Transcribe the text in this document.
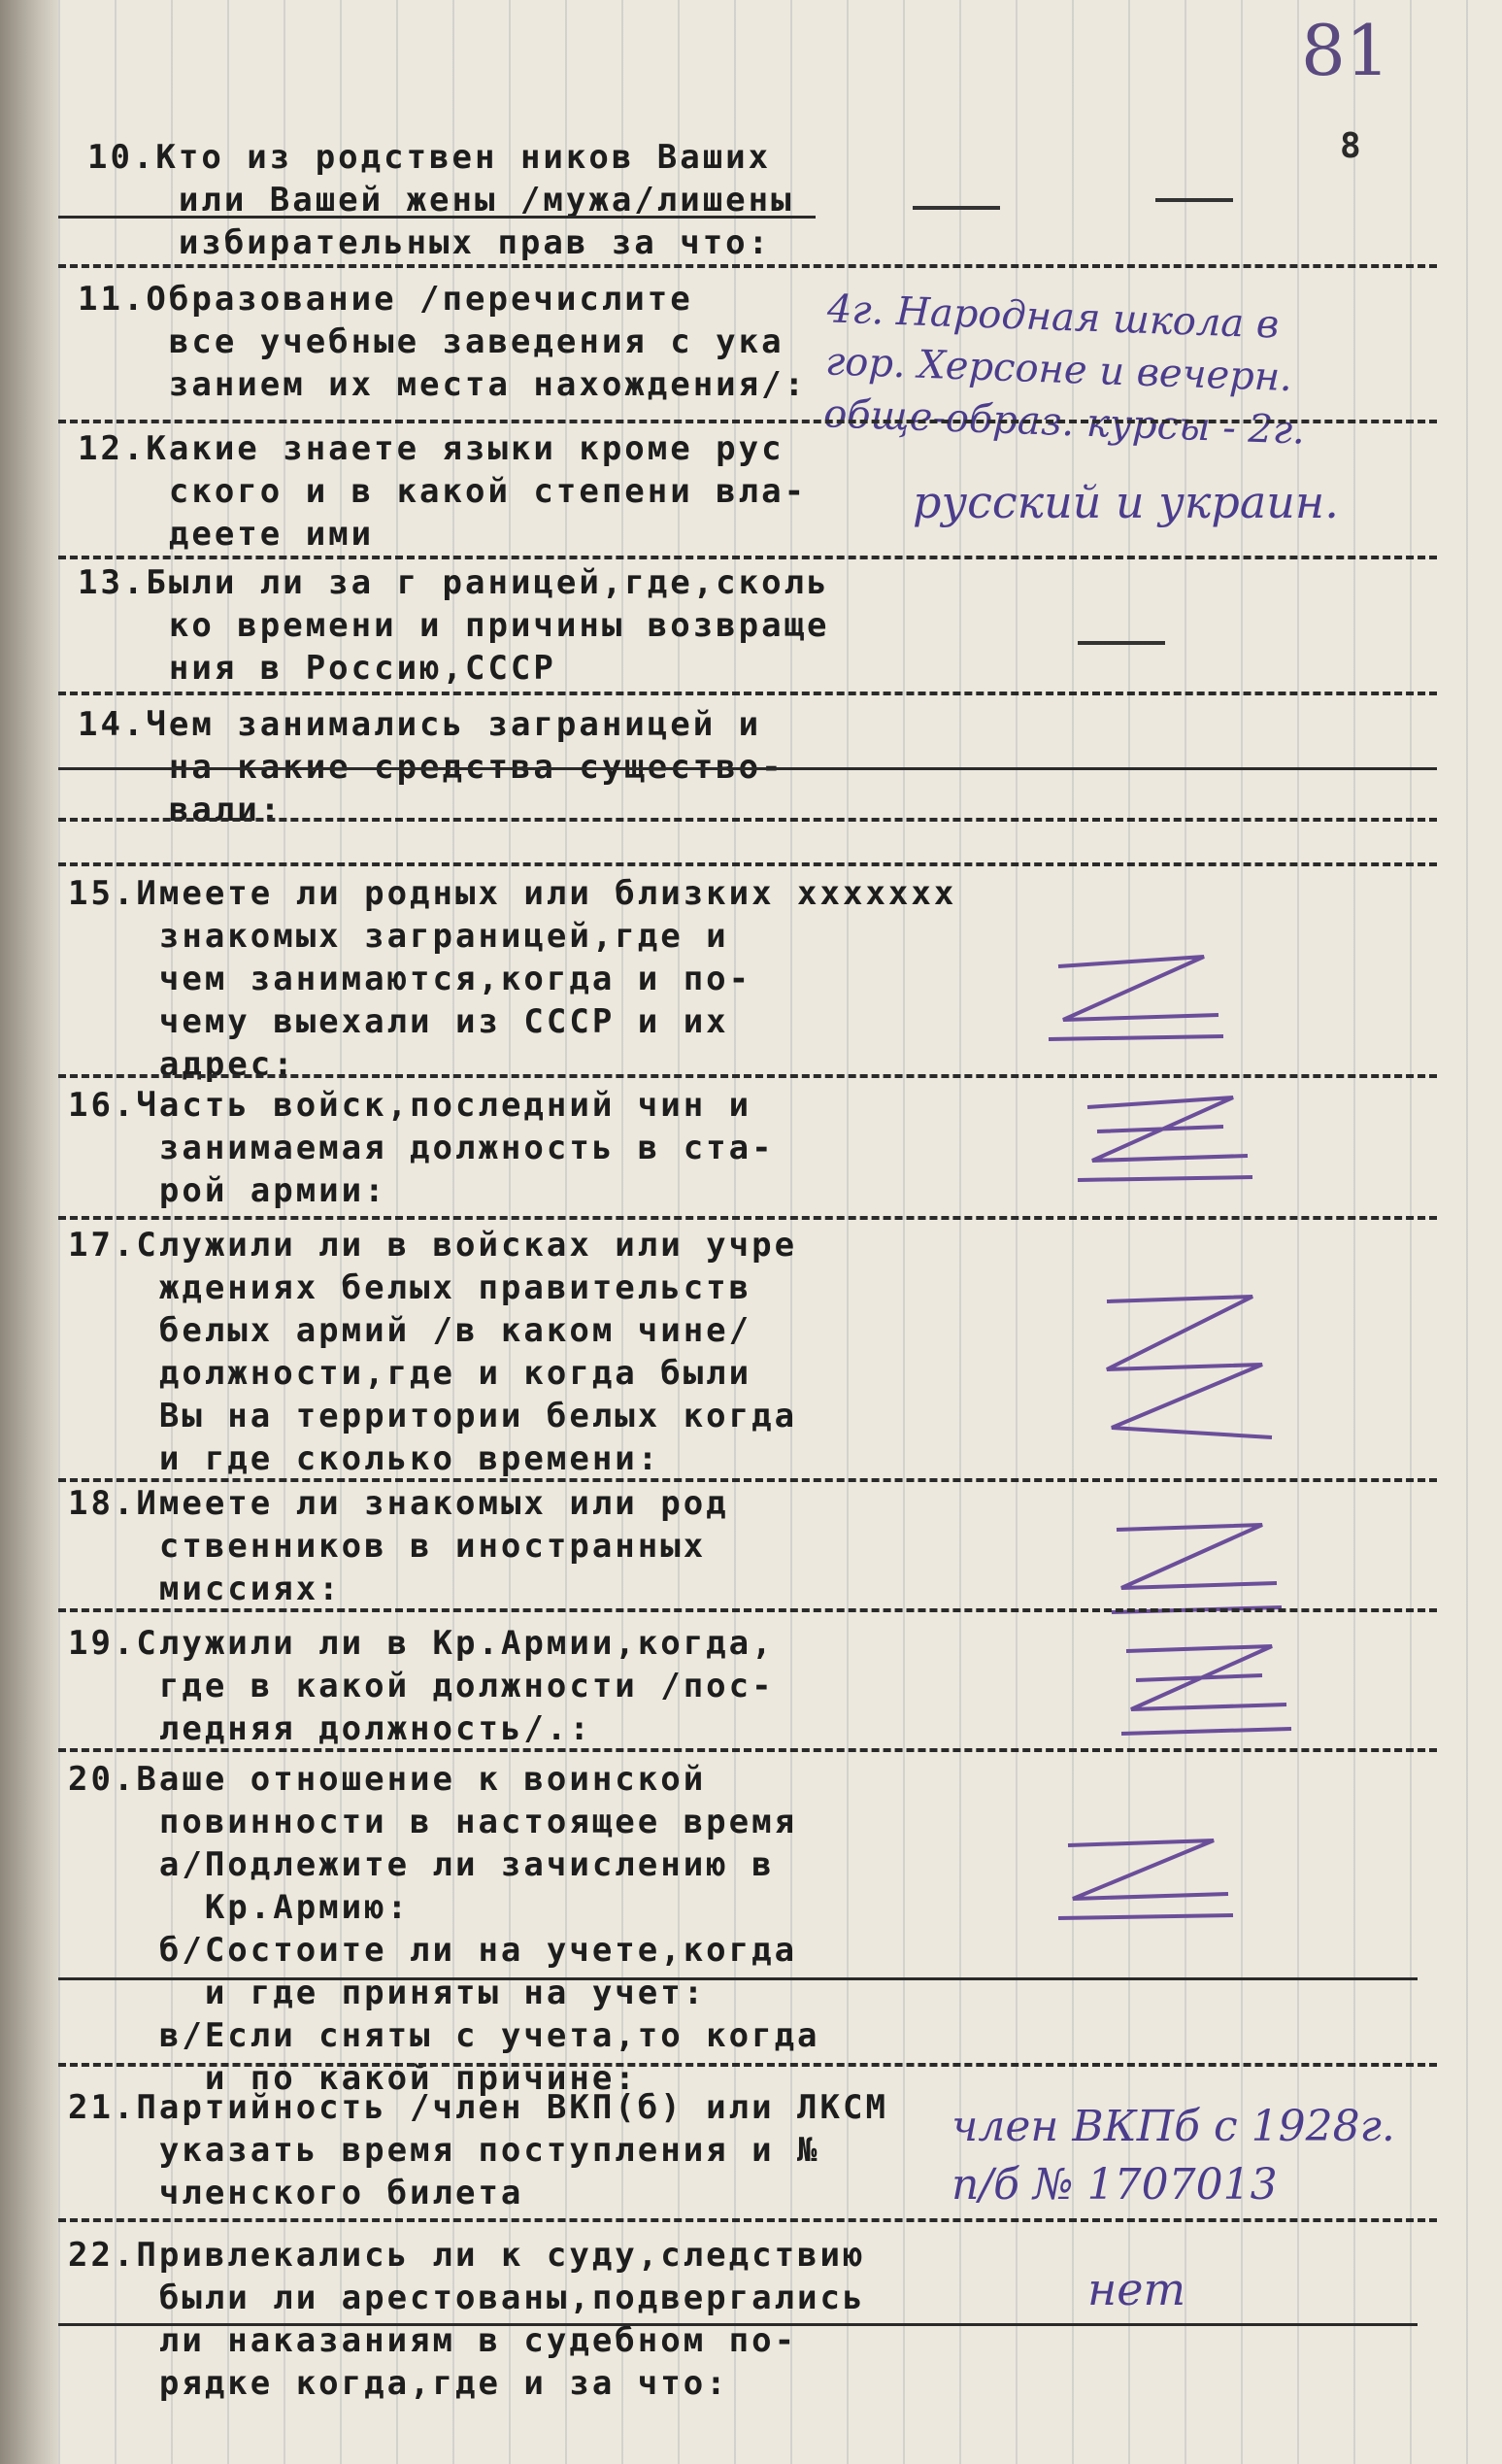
81
8
10.Кто из родствен ников Ваших
или Вашей жены /мужа/лишены
избирательных прав за что:
11.Образование /перечислите
все учебные заведения с ука
занием их места нахождения/:
4г. Народная школа в
гор. Херсоне и вечерн.
обще-образ. курсы - 2г.
12.Какие знаете языки кроме рус
ского и в какой степени вла-
деете ими
русский и украин.
13.Были ли за г раницей,где,сколь
ко времени и причины возвраще
ния в Россию,СССР
14.Чем занимались заграницей и
на какие средства существо-
вали:
15.Имеете ли родных или близких xxxxxxx
знакомых заграницей,где и
чем занимаются,когда и по-
чему выехали из СССР и их
адрес:
16.Часть войск,последний чин и
занимаемая должность в ста-
рой армии:
17.Служили ли в войсках или учре
ждениях белых правительств
белых армий /в каком чине/
должности,где и когда были
Вы на территории белых когда
и где сколько времени:
18.Имеете ли знакомых или род
ственников в иностранных
миссиях:
19.Служили ли в Кр.Армии,когда,
где в какой должности /пос-
ледняя должность/.:
20.Ваше отношение к воинской
повинности в настоящее время
а/Подлежите ли зачислению в
Кр.Армию:
б/Состоите ли на учете,когда
и где приняты на учет:
в/Если сняты с учета,то когда
и по какой причине:
21.Партийность /член ВКП(б) или ЛКСМ
указать время поступления и №
членского билета
член ВКПб с 1928г.
п/б № 1707013
22.Привлекались ли к суду,следствию
были ли арестованы,подвергались
ли наказаниям в судебном по-
рядке когда,где и за что:
нет
